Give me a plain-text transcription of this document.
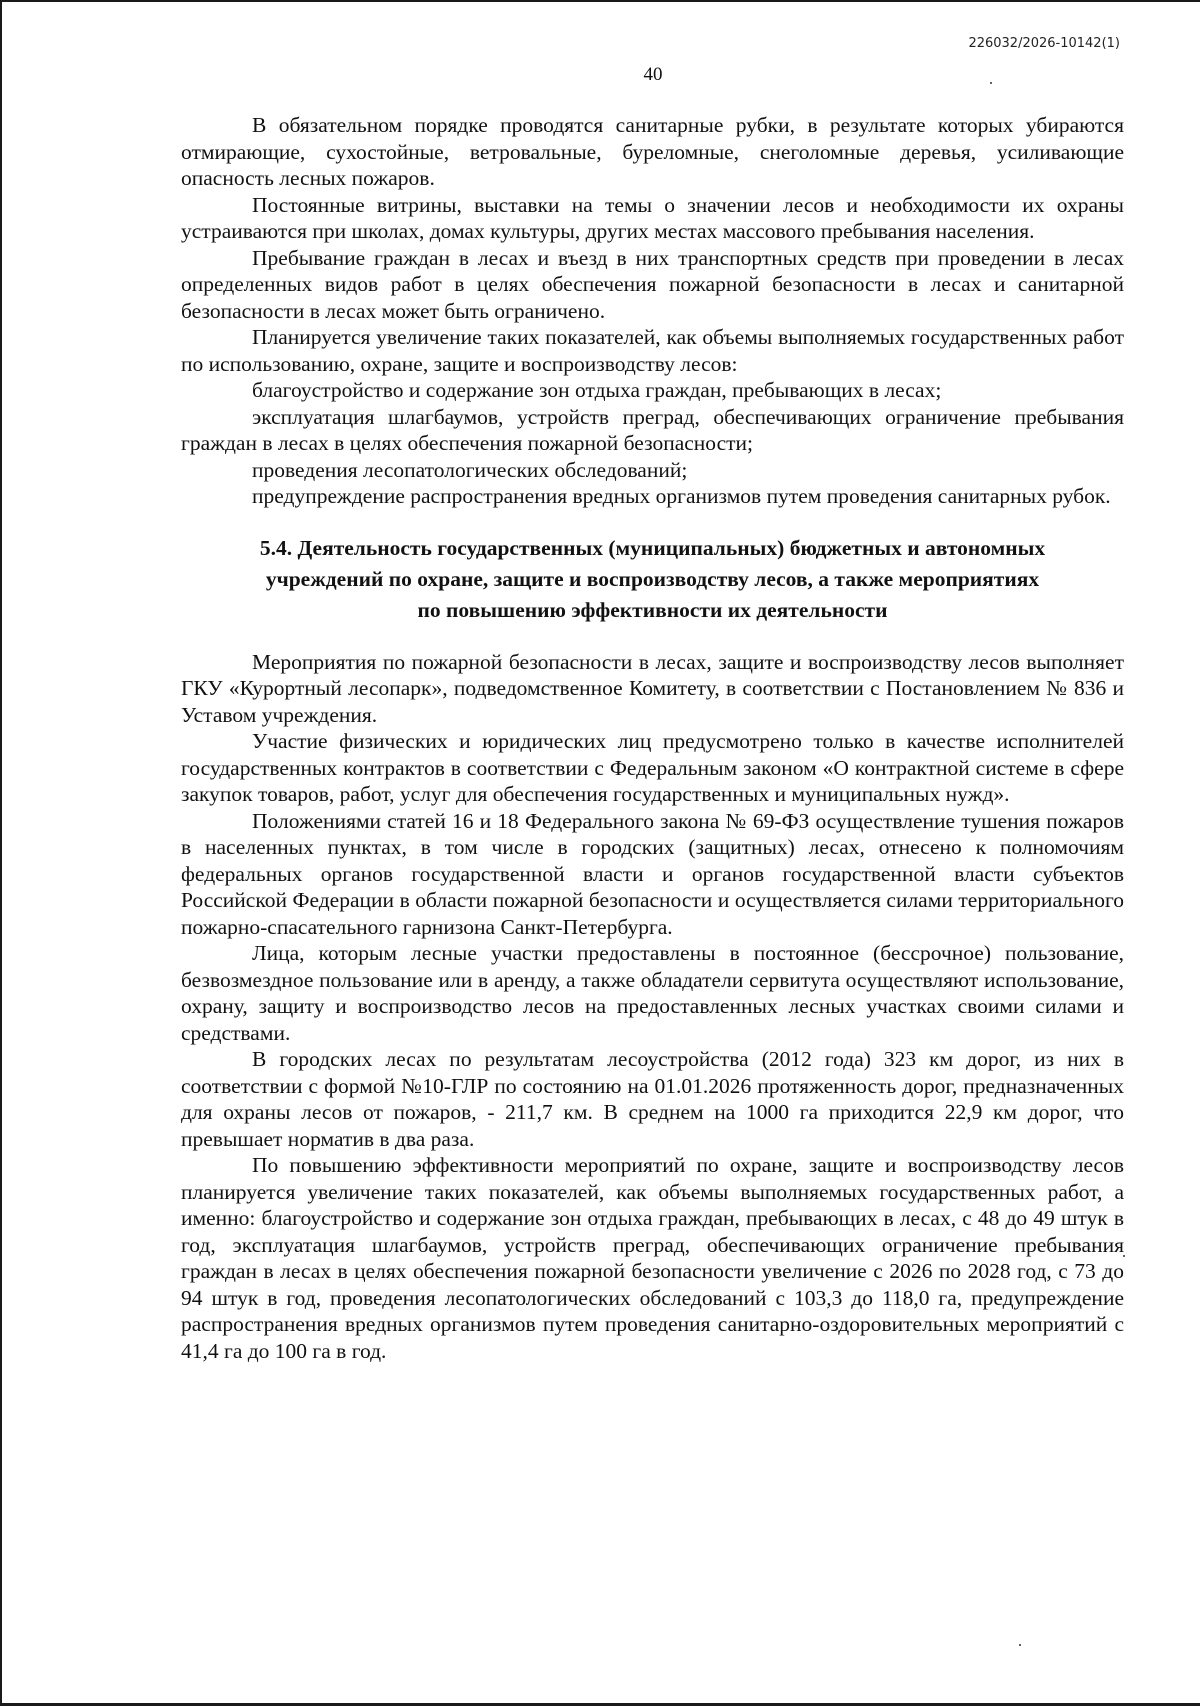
226032/2026-10142(1)
40

В обязательном порядке проводятся санитарные рубки, в результате которых убираются отмирающие, сухостойные, ветровальные, буреломные, снеголомные деревья, усиливающие опасность лесных пожаров.

Постоянные витрины, выставки на темы о значении лесов и необходимости их охраны устраиваются при школах, домах культуры, других местах массового пребывания населения.

Пребывание граждан в лесах и въезд в них транспортных средств при проведении в лесах определенных видов работ в целях обеспечения пожарной безопасности в лесах и санитарной безопасности в лесах может быть ограничено.

Планируется увеличение таких показателей, как объемы выполняемых государственных работ по использованию, охране, защите и воспроизводству лесов:

благоустройство и содержание зон отдыха граждан, пребывающих в лесах;

эксплуатация шлагбаумов, устройств преград, обеспечивающих ограничение пребывания граждан в лесах в целях обеспечения пожарной безопасности;

проведения лесопатологических обследований;

предупреждение распространения вредных организмов путем проведения санитарных рубок.

5.4. Деятельность государственных (муниципальных) бюджетных и автономных
учреждений по охране, защите и воспроизводству лесов, а также мероприятиях
по повышению эффективности их деятельности

Мероприятия по пожарной безопасности в лесах, защите и воспроизводству лесов выполняет ГКУ «Курортный лесопарк», подведомственное Комитету, в соответствии с Постановлением № 836 и Уставом учреждения.

Участие физических и юридических лиц предусмотрено только в качестве исполнителей государственных контрактов в соответствии с Федеральным законом «О контрактной системе в сфере закупок товаров, работ, услуг для обеспечения государственных и муниципальных нужд».

Положениями статей 16 и 18 Федерального закона № 69-ФЗ осуществление тушения пожаров в населенных пунктах, в том числе в городских (защитных) лесах, отнесено к полномочиям федеральных органов государственной власти и органов государственной власти субъектов Российской Федерации в области пожарной безопасности и осуществляется силами территориального пожарно-спасательного гарнизона Санкт-Петербурга.

Лица, которым лесные участки предоставлены в постоянное (бессрочное) пользование, безвозмездное пользование или в аренду, а также обладатели сервитута осуществляют использование, охрану, защиту и воспроизводство лесов на предоставленных лесных участках своими силами и средствами.

В городских лесах по результатам лесоустройства (2012 года) 323 км дорог, из них в соответствии с формой №10-ГЛР по состоянию на 01.01.2026 протяженность дорог, предназначенных для охраны лесов от пожаров, - 211,7 км. В среднем на 1000 га приходится 22,9 км дорог, что превышает норматив в два раза.

По повышению эффективности мероприятий по охране, защите и воспроизводству лесов планируется увеличение таких показателей, как объемы выполняемых государственных работ, а именно: благоустройство и содержание зон отдыха граждан, пребывающих в лесах, с 48 до 49 штук в год, эксплуатация шлагбаумов, устройств преград, обеспечивающих ограничение пребывания граждан в лесах в целях обеспечения пожарной безопасности увеличение с 2026 по 2028 год, с 73 до 94 штук в год, проведения лесопатологических обследований с 103,3 до 118,0 га, предупреждение распространения вредных организмов путем проведения санитарно-оздоровительных мероприятий с 41,4 га до 100 га в год.
